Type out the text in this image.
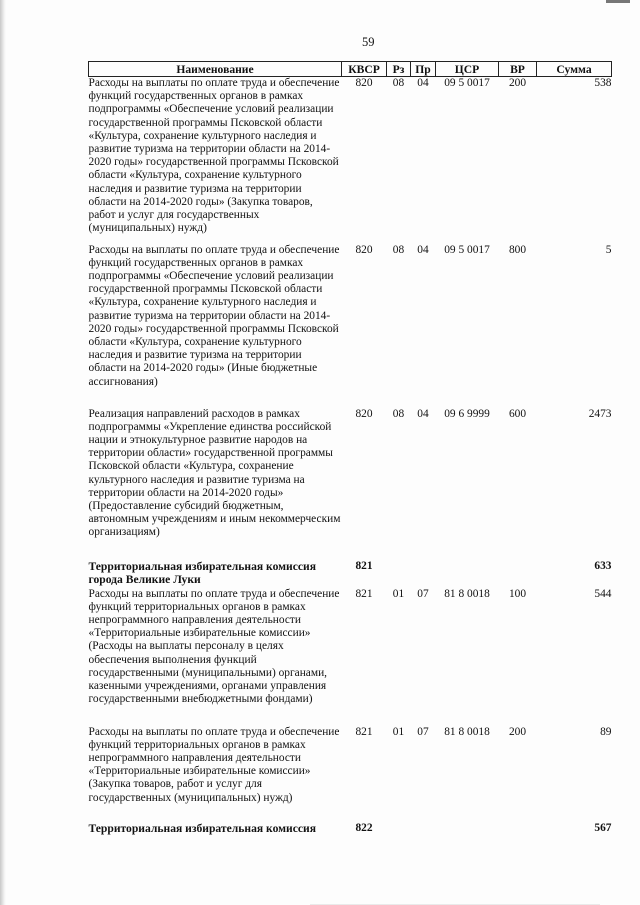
59
Наименование	КВСР	Рз	Пр	ЦСР	ВР	Сумма
Расходы на выплаты по оплате труда и обеспечение функций государственных органов в рамках подпрограммы «Обеспечение условий реализации государственной программы Псковской области «Культура, сохранение культурного наследия и развитие туризма на территории области на 2014-2020 годы» государственной программы Псковской области «Культура, сохранение культурного наследия и развитие туризма на территории области на 2014-2020 годы» (Закупка товаров, работ и услуг для государственных (муниципальных) нужд)	820	08	04	09 5 0017	200	538
Расходы на выплаты по оплате труда и обеспечение функций государственных органов в рамках подпрограммы «Обеспечение условий реализации государственной программы Псковской области «Культура, сохранение культурного наследия и развитие туризма на территории области на 2014-2020 годы» государственной программы Псковской области «Культура, сохранение культурного наследия и развитие туризма на территории области на 2014-2020 годы» (Иные бюджетные ассигнования)	820	08	04	09 5 0017	800	5
Реализация направлений расходов в рамках подпрограммы «Укрепление единства российской нации и этнокультурное развитие народов на территории области» государственной программы Псковской области «Культура, сохранение культурного наследия и развитие туризма на территории области на 2014-2020 годы» (Предоставление субсидий бюджетным, автономным учреждениям и иным некоммерческим организациям)	820	08	04	09 6 9999	600	2473
Территориальная избирательная комиссия города Великие Луки	821					633
Расходы на выплаты по оплате труда и обеспечение функций территориальных органов в рамках непрограммного направления деятельности «Территориальные избирательные комиссии» (Расходы на выплаты персоналу в целях обеспечения выполнения функций государственными (муниципальными) органами, казенными учреждениями, органами управления государственными внебюджетными фондами)	821	01	07	81 8 0018	100	544
Расходы на выплаты по оплате труда и обеспечение функций территориальных органов в рамках непрограммного направления деятельности «Территориальные избирательные комиссии» (Закупка товаров, работ и услуг для государственных (муниципальных) нужд)	821	01	07	81 8 0018	200	89
Территориальная избирательная комиссия	822					567
